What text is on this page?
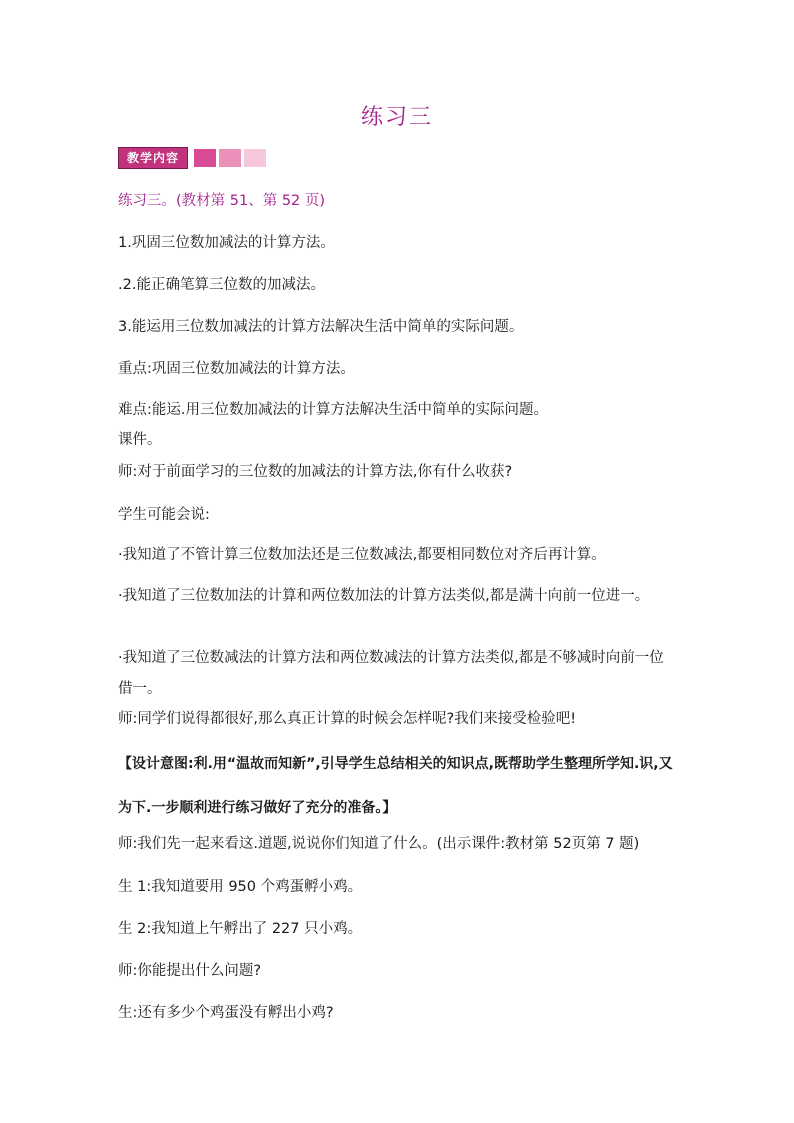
练习三
教学内容
练习三。(教材第 51、第 52 页)
1.巩固三位数加减法的计算方法。
.2.能正确笔算三位数的加减法。
3.能运用三位数加减法的计算方法解决生活中简单的实际问题。
重点:巩固三位数加减法的计算方法。
难点:能运.用三位数加减法的计算方法解决生活中简单的实际问题。
课件。
师:对于前面学习的三位数的加减法的计算方法,你有什么收获?
学生可能会说:
·我知道了不管计算三位数加法还是三位数减法,都要相同数位对齐后再计算。
·我知道了三位数加法的计算和两位数加法的计算方法类似,都是满十向前一位进一。
·我知道了三位数减法的计算方法和两位数减法的计算方法类似,都是不够减时向前一位借一。
师:同学们说得都很好,那么真正计算的时候会怎样呢?我们来接受检验吧!
【设计意图:利.用“温故而知新”,引导学生总结相关的知识点,既帮助学生整理所学知.识,又为下.一步顺利进行练习做好了充分的准备。】
师:我们先一起来看这.道题,说说你们知道了什么。(出示课件:教材第 52页第 7 题)
生 1:我知道要用 950 个鸡蛋孵小鸡。
生 2:我知道上午孵出了 227 只小鸡。
师:你能提出什么问题?
生:还有多少个鸡蛋没有孵出小鸡?
